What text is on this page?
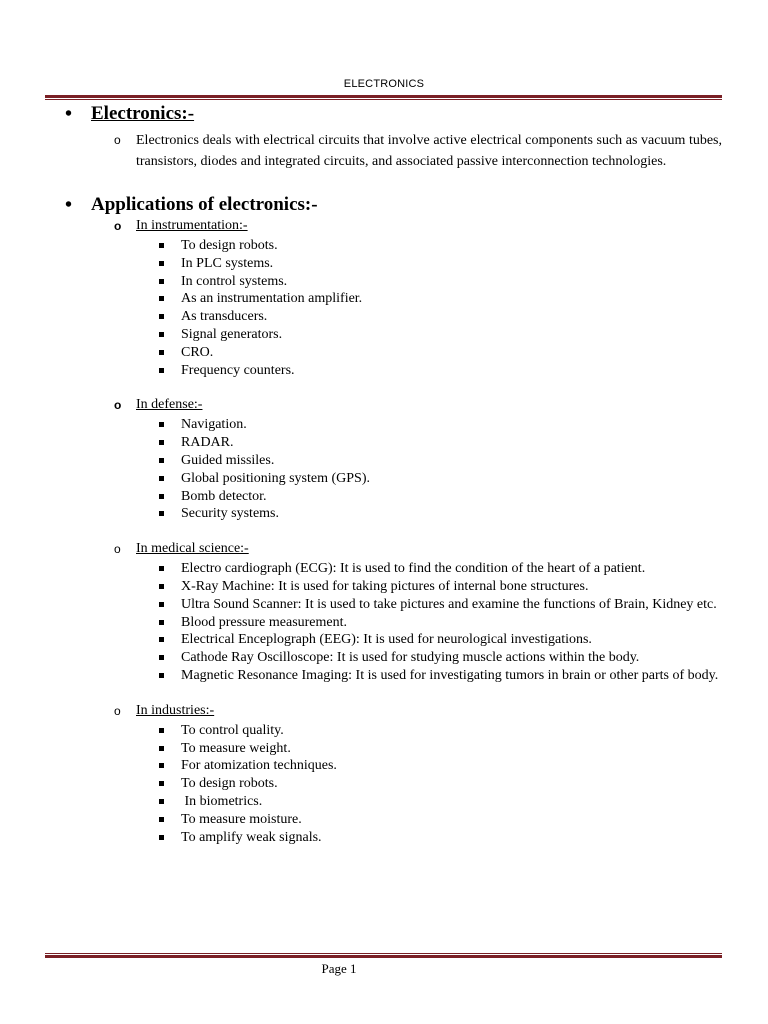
ELECTRONICS
• Electronics:-
o Electronics deals with electrical circuits that involve active electrical components such as vacuum tubes, transistors, diodes and integrated circuits, and associated passive interconnection technologies.
• Applications of electronics:-
o In instrumentation:-
To design robots.
In PLC systems.
In control systems.
As an instrumentation amplifier.
As transducers.
Signal generators.
CRO.
Frequency counters.
o In defense:-
Navigation.
RADAR.
Guided missiles.
Global positioning system (GPS).
Bomb detector.
Security systems.
o In medical science:-
Electro cardiograph (ECG): It is used to find the condition of the heart of a patient.
X-Ray Machine: It is used for taking pictures of internal bone structures.
Ultra Sound Scanner: It is used to take pictures and examine the functions of Brain, Kidney etc.
Blood pressure measurement.
Electrical Enceplograph (EEG): It is used for neurological investigations.
Cathode Ray Oscilloscope: It is used for studying muscle actions within the body.
Magnetic Resonance Imaging: It is used for investigating tumors in brain or other parts of body.
o In industries:-
To control quality.
To measure weight.
For atomization techniques.
To design robots.
In biometrics.
To measure moisture.
To amplify weak signals.
Page 1
